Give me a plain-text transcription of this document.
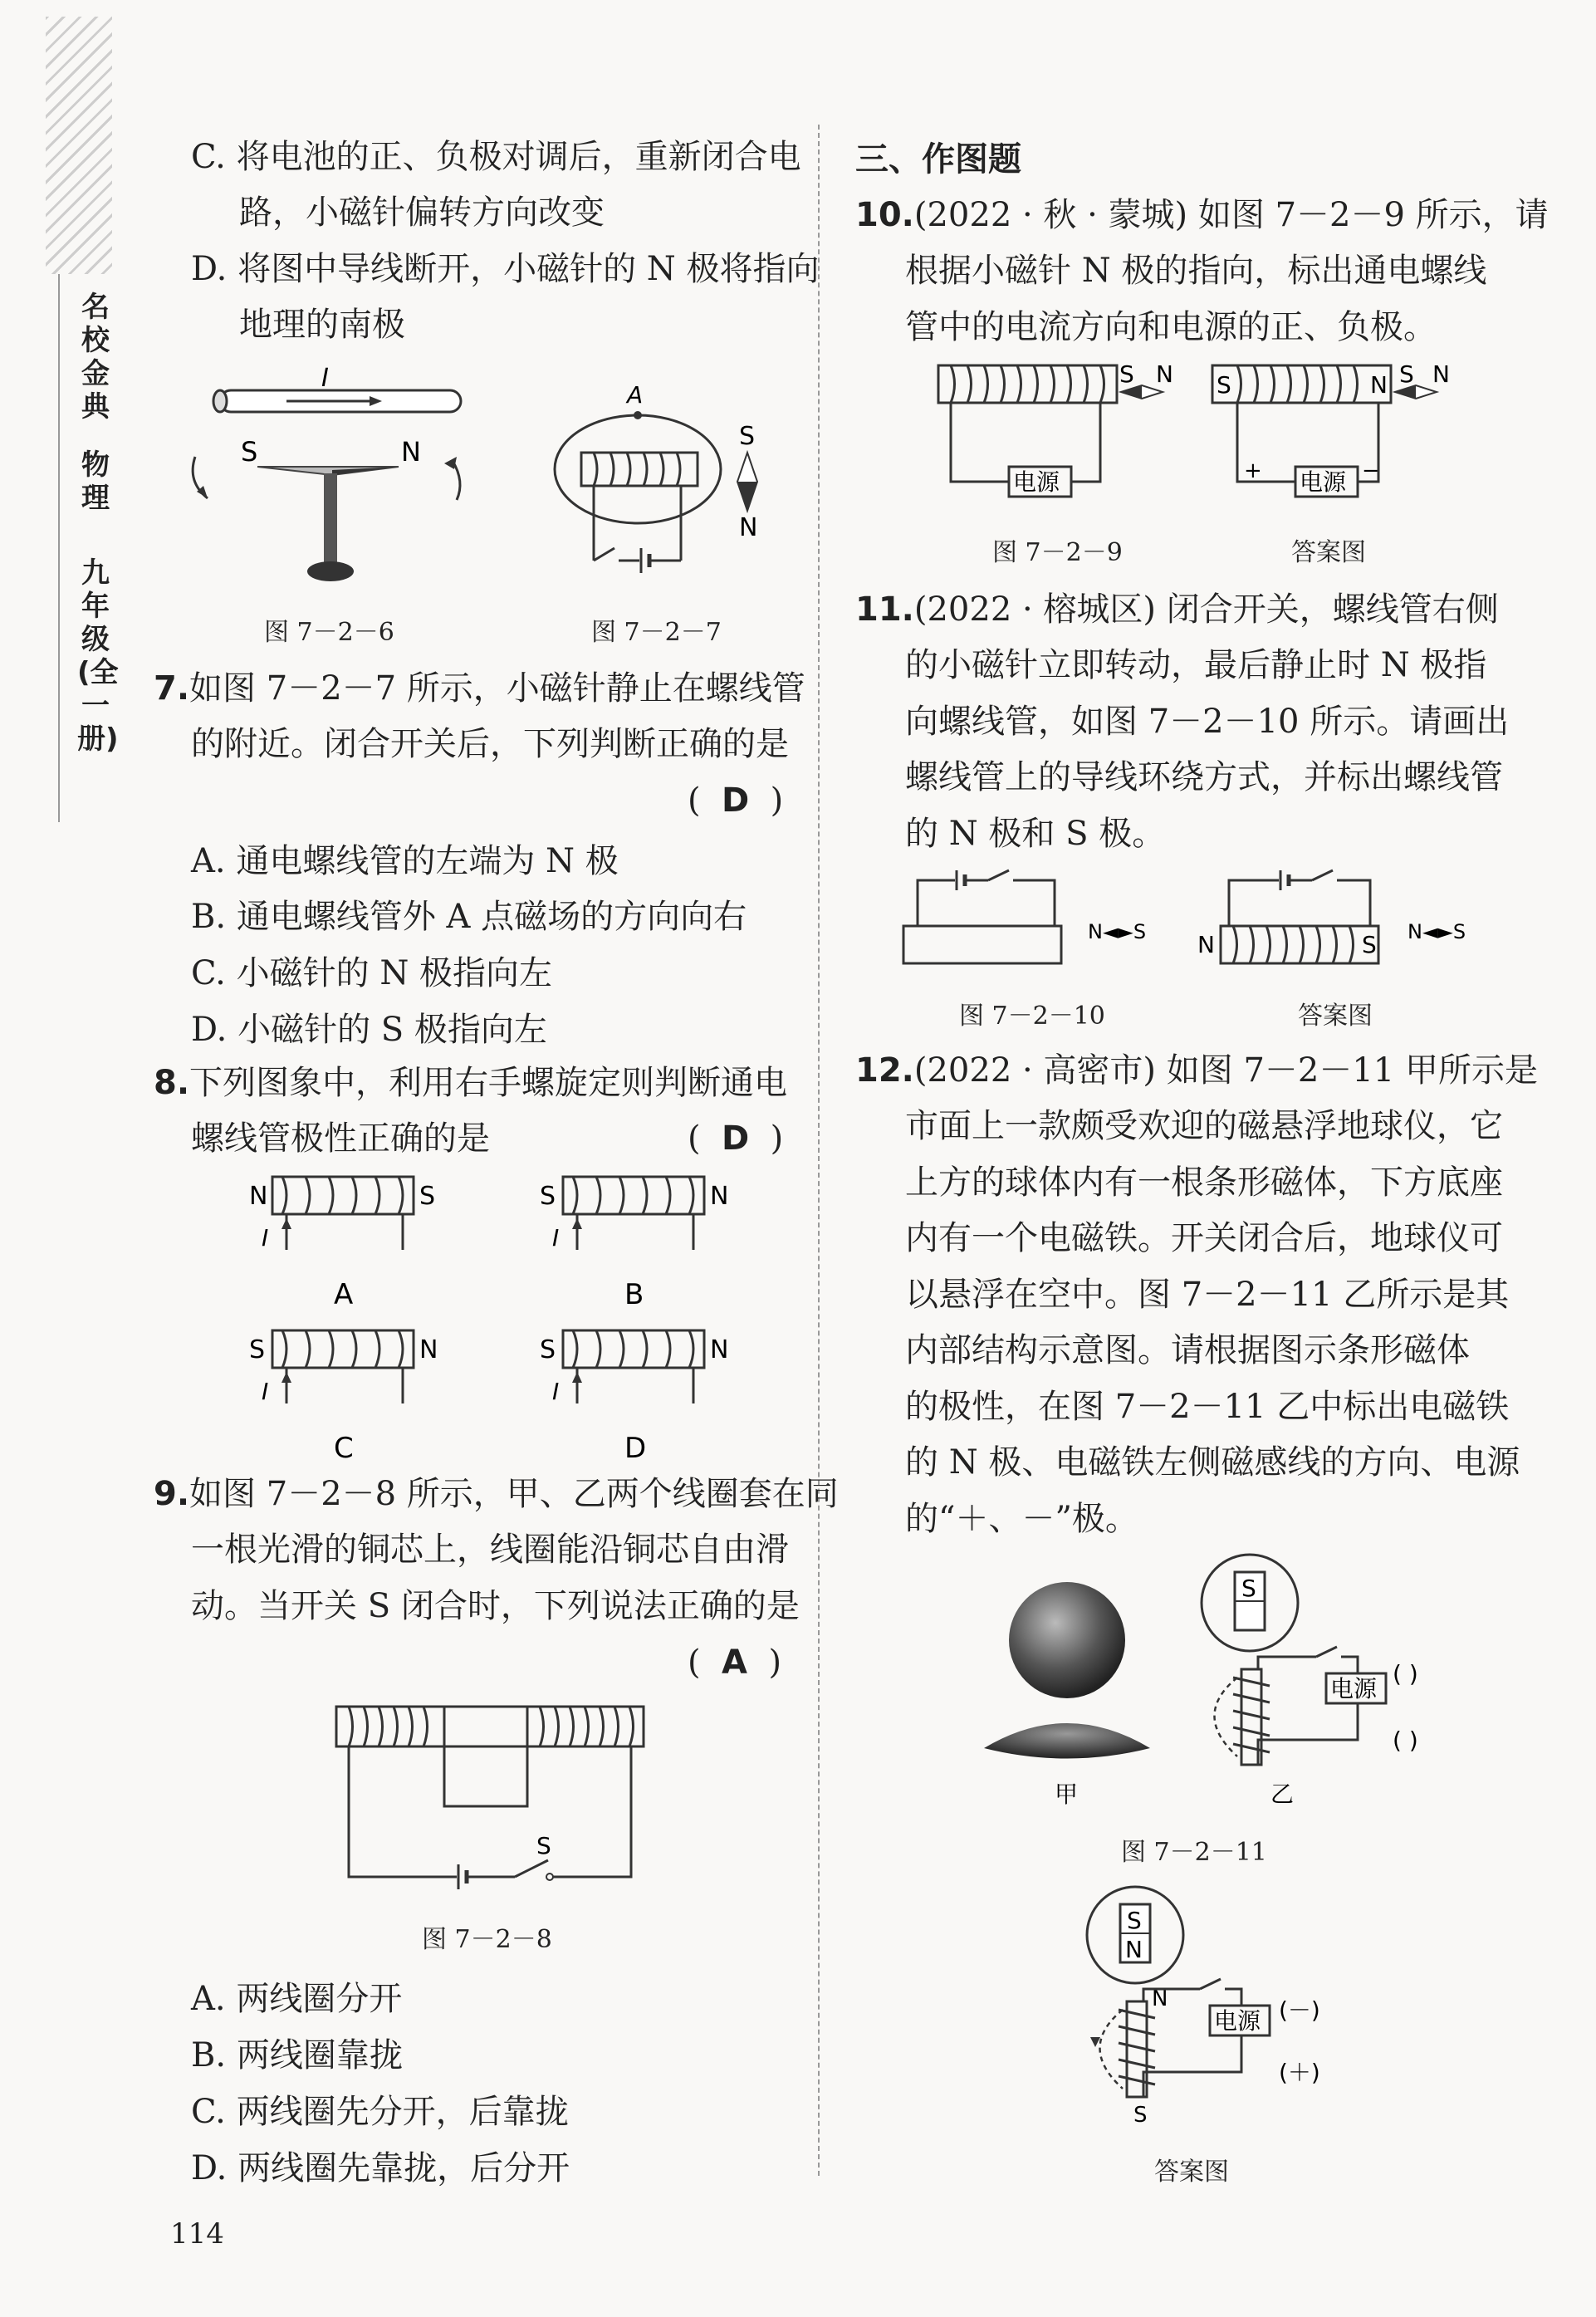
名校金典
物理
九年级(全一册)
C. 将电池的正、负极对调后，重新闭合电
路，小磁针偏转方向改变
D. 将图中导线断开，小磁针的 N 极将指向
地理的南极
I
S	N
图 7－2－6
A
S
N
图 7－2－7
7.如图 7－2－7 所示，小磁针静止在螺线管
的附近。闭合开关后，下列判断正确的是
(  D  )
A. 通电螺线管的左端为 N 极
B. 通电螺线管外 A 点磁场的方向向右
C. 小磁针的 N 极指向左
D. 小磁针的 S 极指向左
8.下列图象中，利用右手螺旋定则判断通电
螺线管极性正确的是	(  D  )
N	S
I
A
S	N
I
B
S	N
I
C
S	N
I
D
9.如图 7－2－8 所示，甲、乙两个线圈套在同
一根光滑的铜芯上，线圈能沿铜芯自由滑
动。当开关 S 闭合时，下列说法正确的是
(  A  )
S
图 7－2－8
A. 两线圈分开
B. 两线圈靠拢
C. 两线圈先分开，后靠拢
D. 两线圈先靠拢，后分开
114
三、作图题
10.(2022 · 秋 · 蒙城) 如图 7－2－9 所示，请
根据小磁针 N 极的指向，标出通电螺线
管中的电流方向和电源的正、负极。
S N
电源
S	N S N
+ 电源 −
图 7－2－9	答案图
11.(2022 · 榕城区) 闭合开关，螺线管右侧
的小磁针立即转动，最后静止时 N 极指
向螺线管，如图 7－2－10 所示。请画出
螺线管上的导线环绕方式，并标出螺线管
的 N 极和 S 极。
N◄►S N	S N◄►S
图 7－2－10	答案图
12.(2022 · 高密市) 如图 7－2－11 甲所示是
市面上一款颇受欢迎的磁悬浮地球仪，它
上方的球体内有一根条形磁体，下方底座
内有一个电磁铁。开关闭合后，地球仪可
以悬浮在空中。图 7－2－11 乙所示是其
内部结构示意图。请根据图示条形磁体
的极性，在图 7－2－11 乙中标出电磁铁
的 N 极、电磁铁左侧磁感线的方向、电源
的“＋、－”极。
甲
S
电源
( )
( )
乙
图 7－2－11
S
N
N
电源
S
(－)
(＋)
答案图
